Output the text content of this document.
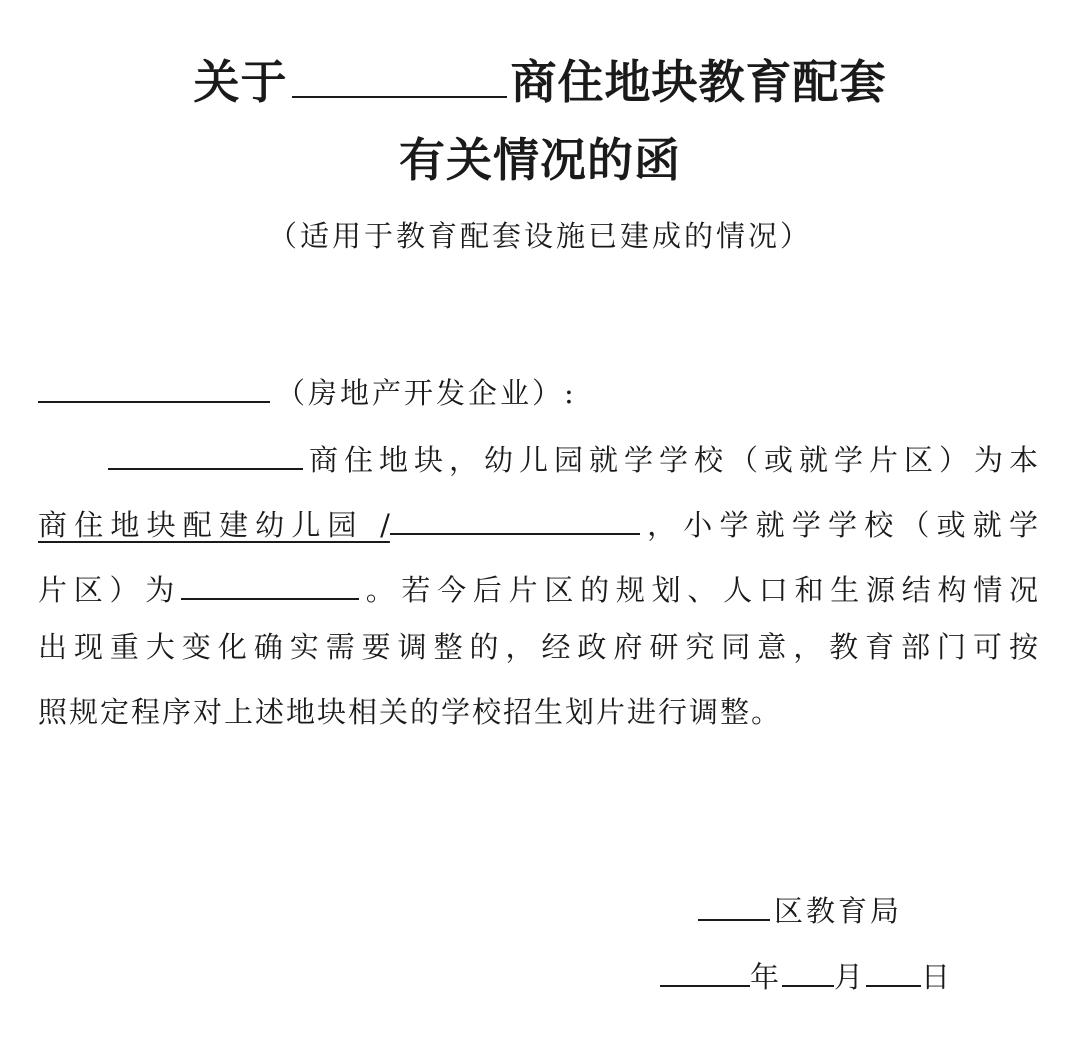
关于	商住地块教育配套
有关情况的函
（适用于教育配套设施已建成的情况）
（房地产开发企业）:
商住地块，幼儿园就学学校（或就学片区）为本
商住地块配建幼儿园 /	，小学就学学校（或就学
片区）为	。若今后片区的规划、人口和生源结构情况
出现重大变化确实需要调整的，经政府研究同意，教育部门可按
照规定程序对上述地块相关的学校招生划片进行调整。
区教育局
年 月 日
